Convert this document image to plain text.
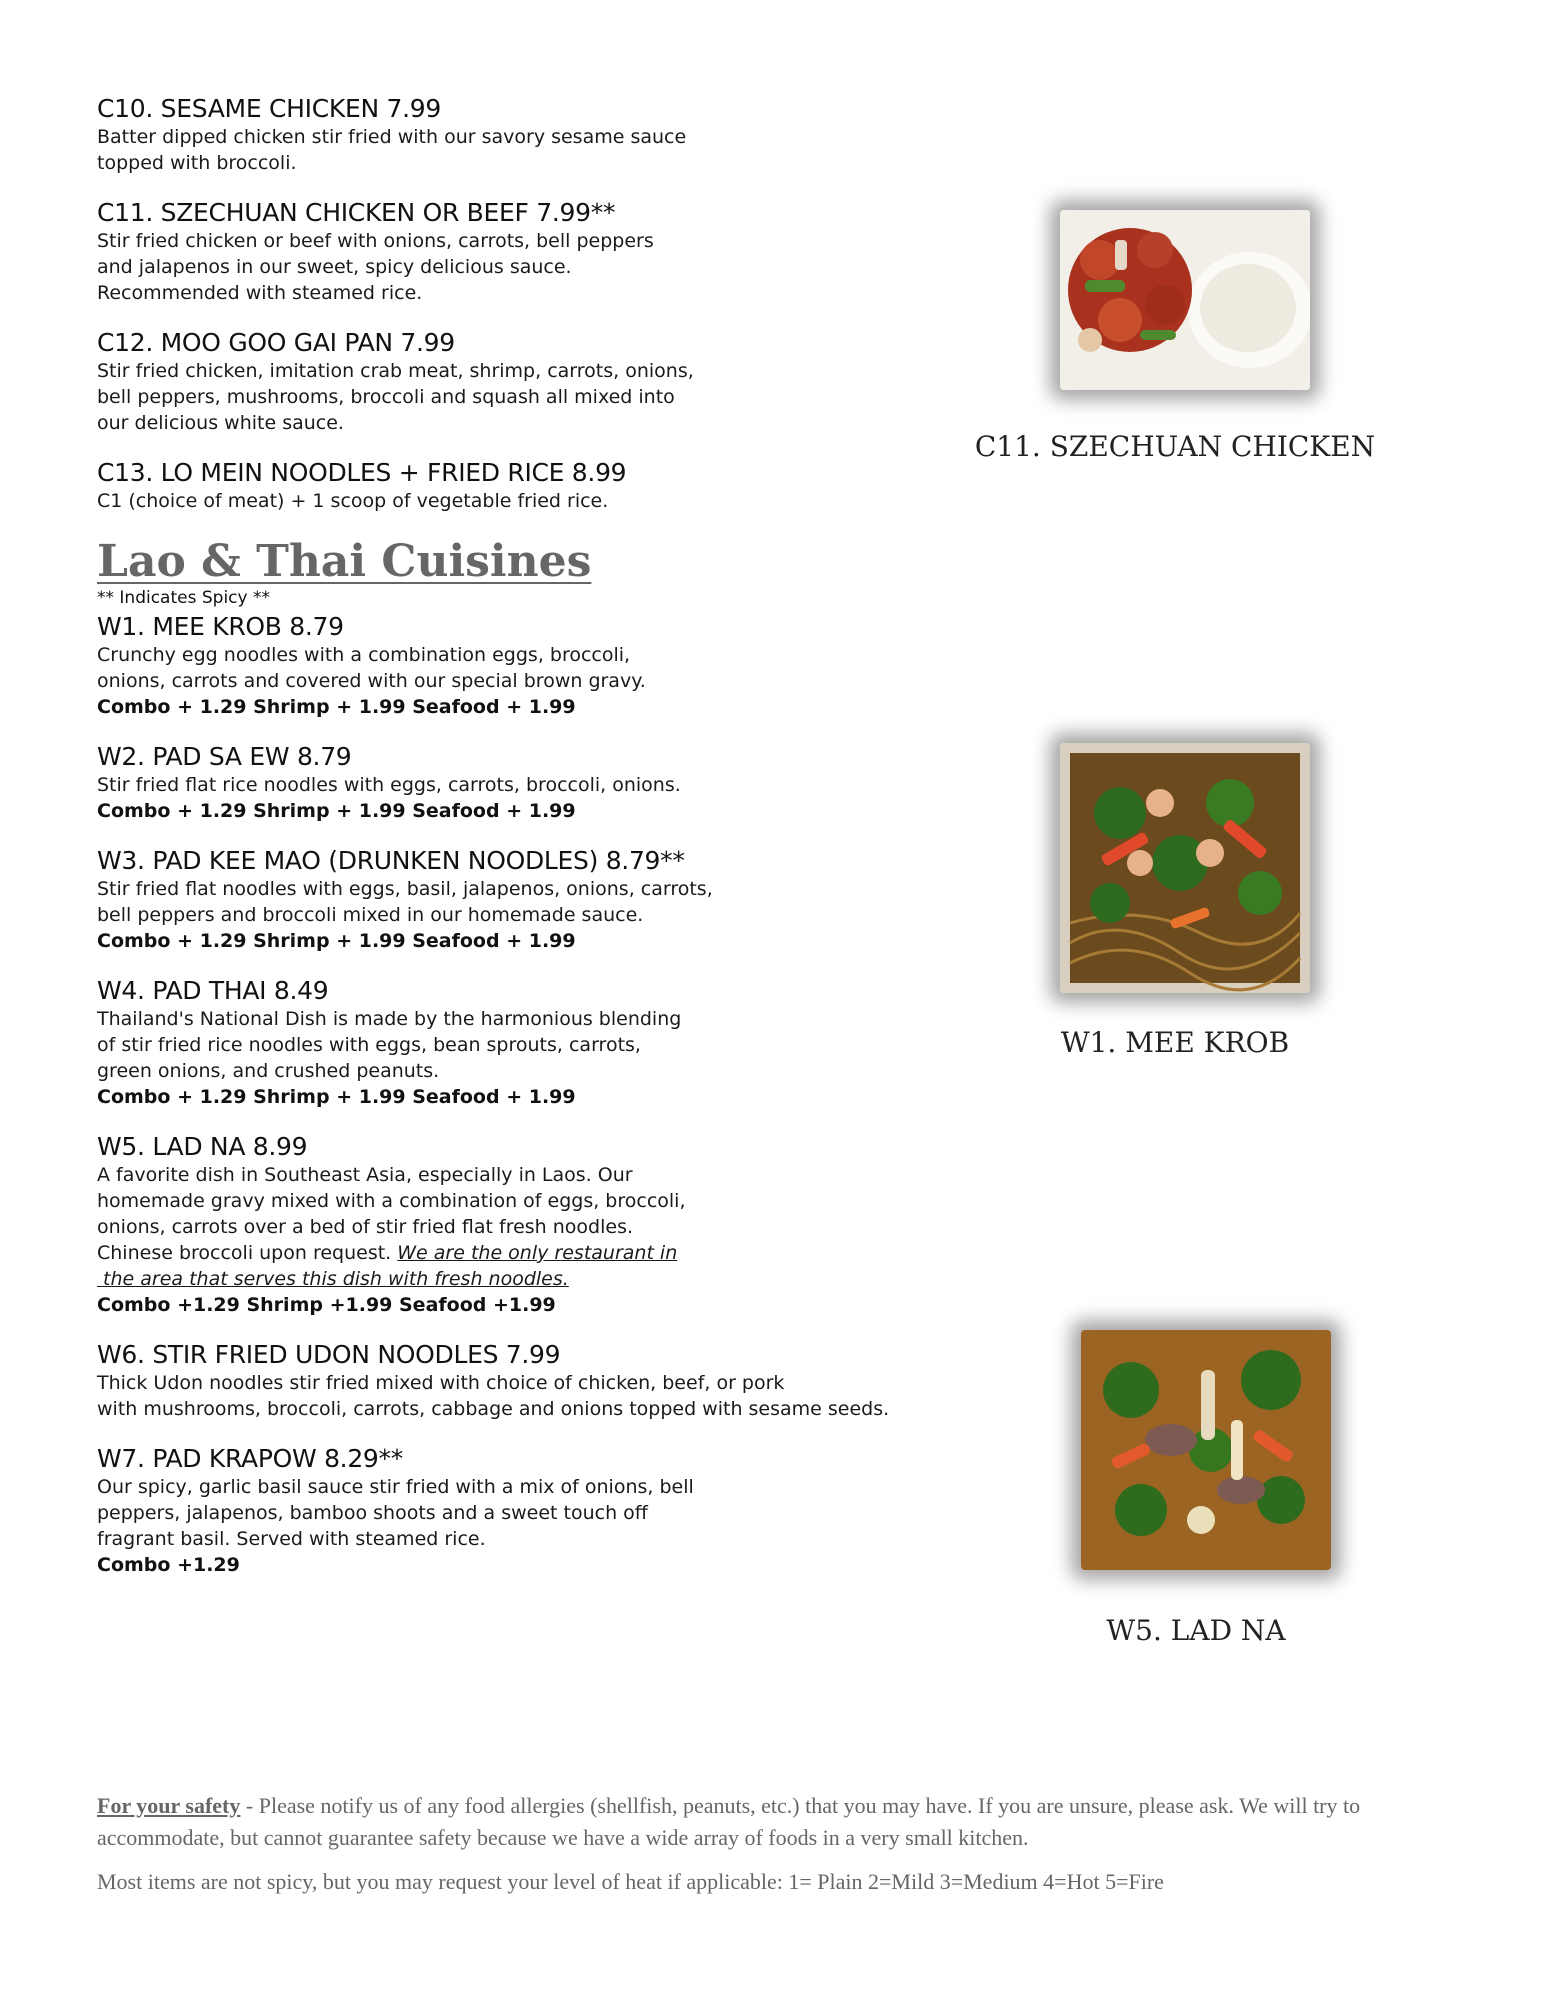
C10. SESAME CHICKEN 7.99
Batter dipped chicken stir fried with our savory sesame sauce
topped with broccoli.
C11. SZECHUAN CHICKEN OR BEEF 7.99**
Stir fried chicken or beef with onions, carrots, bell peppers
and jalapenos in our sweet, spicy delicious sauce.
Recommended with steamed rice.
C12. MOO GOO GAI PAN 7.99
Stir fried chicken, imitation crab meat, shrimp, carrots, onions,
bell peppers, mushrooms, broccoli and squash all mixed into
our delicious white sauce.
C13. LO MEIN NOODLES + FRIED RICE 8.99
C1 (choice of meat) + 1 scoop of vegetable fried rice.
Lao & Thai Cuisines
** Indicates Spicy **
W1. MEE KROB 8.79
Crunchy egg noodles with a combination eggs, broccoli,
onions, carrots and covered with our special brown gravy.
Combo + 1.29 Shrimp + 1.99 Seafood + 1.99
W2. PAD SA EW 8.79
Stir fried flat rice noodles with eggs, carrots, broccoli, onions.
Combo + 1.29 Shrimp + 1.99 Seafood + 1.99
W3. PAD KEE MAO (DRUNKEN NOODLES) 8.79**
Stir fried flat noodles with eggs, basil, jalapenos, onions, carrots,
bell peppers and broccoli mixed in our homemade sauce.
Combo + 1.29 Shrimp + 1.99 Seafood + 1.99
W4. PAD THAI 8.49
Thailand's National Dish is made by the harmonious blending
of stir fried rice noodles with eggs, bean sprouts, carrots,
green onions, and crushed peanuts.
Combo + 1.29 Shrimp + 1.99 Seafood + 1.99
W5. LAD NA 8.99
A favorite dish in Southeast Asia, especially in Laos. Our
homemade gravy mixed with a combination of eggs, broccoli,
onions, carrots over a bed of stir fried flat fresh noodles.
Chinese broccoli upon request. We are the only restaurant in
the area that serves this dish with fresh noodles.
Combo +1.29 Shrimp +1.99 Seafood +1.99
W6. STIR FRIED UDON NOODLES 7.99
Thick Udon noodles stir fried mixed with choice of chicken, beef, or pork
with mushrooms, broccoli, carrots, cabbage and onions topped with sesame seeds.
W7. PAD KRAPOW 8.29**
Our spicy, garlic basil sauce stir fried with a mix of onions, bell
peppers, jalapenos, bamboo shoots and a sweet touch off
fragrant basil. Served with steamed rice.
Combo +1.29
C11. SZECHUAN CHICKEN
W1. MEE KROB
W5. LAD NA

For your safety - Please notify us of any food allergies (shellfish, peanuts, etc.) that you may have. If you are unsure, please ask. We will try to accommodate, but cannot guarantee safety because we have a wide array of foods in a very small kitchen.

Most items are not spicy, but you may request your level of heat if applicable: 1= Plain 2=Mild 3=Medium 4=Hot 5=Fire
